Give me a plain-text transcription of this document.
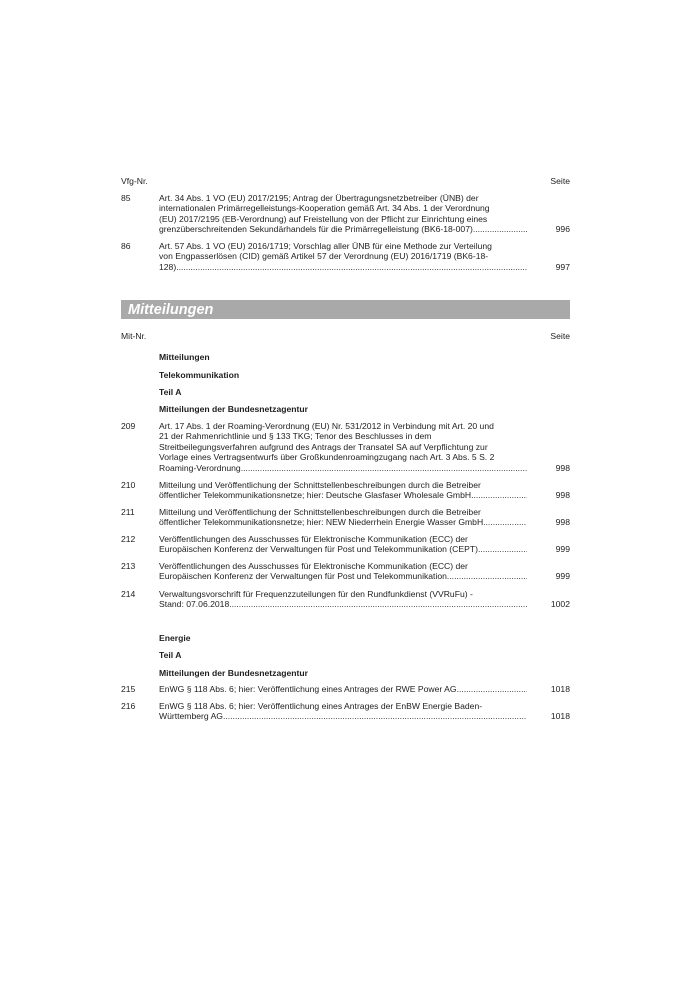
Vfg-Nr.	Seite
85	Art. 34 Abs. 1 VO (EU) 2017/2195; Antrag der Übertragungsnetzbetreiber (ÜNB) der
internationalen Primärregelleistungs-Kooperation gemäß Art. 34 Abs. 1 der Verordnung
(EU) 2017/2195 (EB-Verordnung) auf Freistellung von der Pflicht zur Einrichtung eines
grenzüberschreitenden Sekundärhandels für die Primärregelleistung (BK6-18-007) .....	996
86	Art. 57 Abs. 1 VO (EU) 2016/1719; Vorschlag aller ÜNB für eine Methode zur Verteilung
von Engpasserlösen (CID) gemäß Artikel 57 der Verordnung (EU) 2016/1719 (BK6-18-
128) .....	997
Mitteilungen
Mit-Nr.	Seite
Mitteilungen
Telekommunikation
Teil A
Mitteilungen der Bundesnetzagentur
209	Art. 17 Abs. 1 der Roaming-Verordnung (EU) Nr. 531/2012 in Verbindung mit Art. 20 und
21 der Rahmenrichtlinie und § 133 TKG; Tenor des Beschlusses in dem
Streitbeilegungsverfahren aufgrund des Antrags der Transatel SA auf Verpflichtung zur
Vorlage eines Vertragsentwurfs über Großkundenroamingzugang nach Art. 3 Abs. 5 S. 2
Roaming-Verordnung .....	998
210	Mitteilung und Veröffentlichung der Schnittstellenbeschreibungen durch die Betreiber
öffentlicher Telekommunikationsnetze; hier: Deutsche Glasfaser Wholesale GmbH .....	998
211	Mitteilung und Veröffentlichung der Schnittstellenbeschreibungen durch die Betreiber
öffentlicher Telekommunikationsnetze; hier: NEW Niederrhein Energie Wasser GmbH .....	998
212	Veröffentlichungen des Ausschusses für Elektronische Kommunikation (ECC) der
Europäischen Konferenz der Verwaltungen für Post und Telekommunikation (CEPT) .....	999
213	Veröffentlichungen des Ausschusses für Elektronische Kommunikation (ECC) der
Europäischen Konferenz der Verwaltungen für Post und Telekommunikation .....	999
214	Verwaltungsvorschrift für Frequenzzuteilungen für den Rundfunkdienst (VVRuFu) -
Stand: 07.06.2018 .....	1002
Energie
Teil A
Mitteilungen der Bundesnetzagentur
215	EnWG § 118 Abs. 6; hier: Veröffentlichung eines Antrages der RWE Power AG .....	1018
216	EnWG § 118 Abs. 6; hier: Veröffentlichung eines Antrages der EnBW Energie Baden-
Württemberg AG .....	1018
